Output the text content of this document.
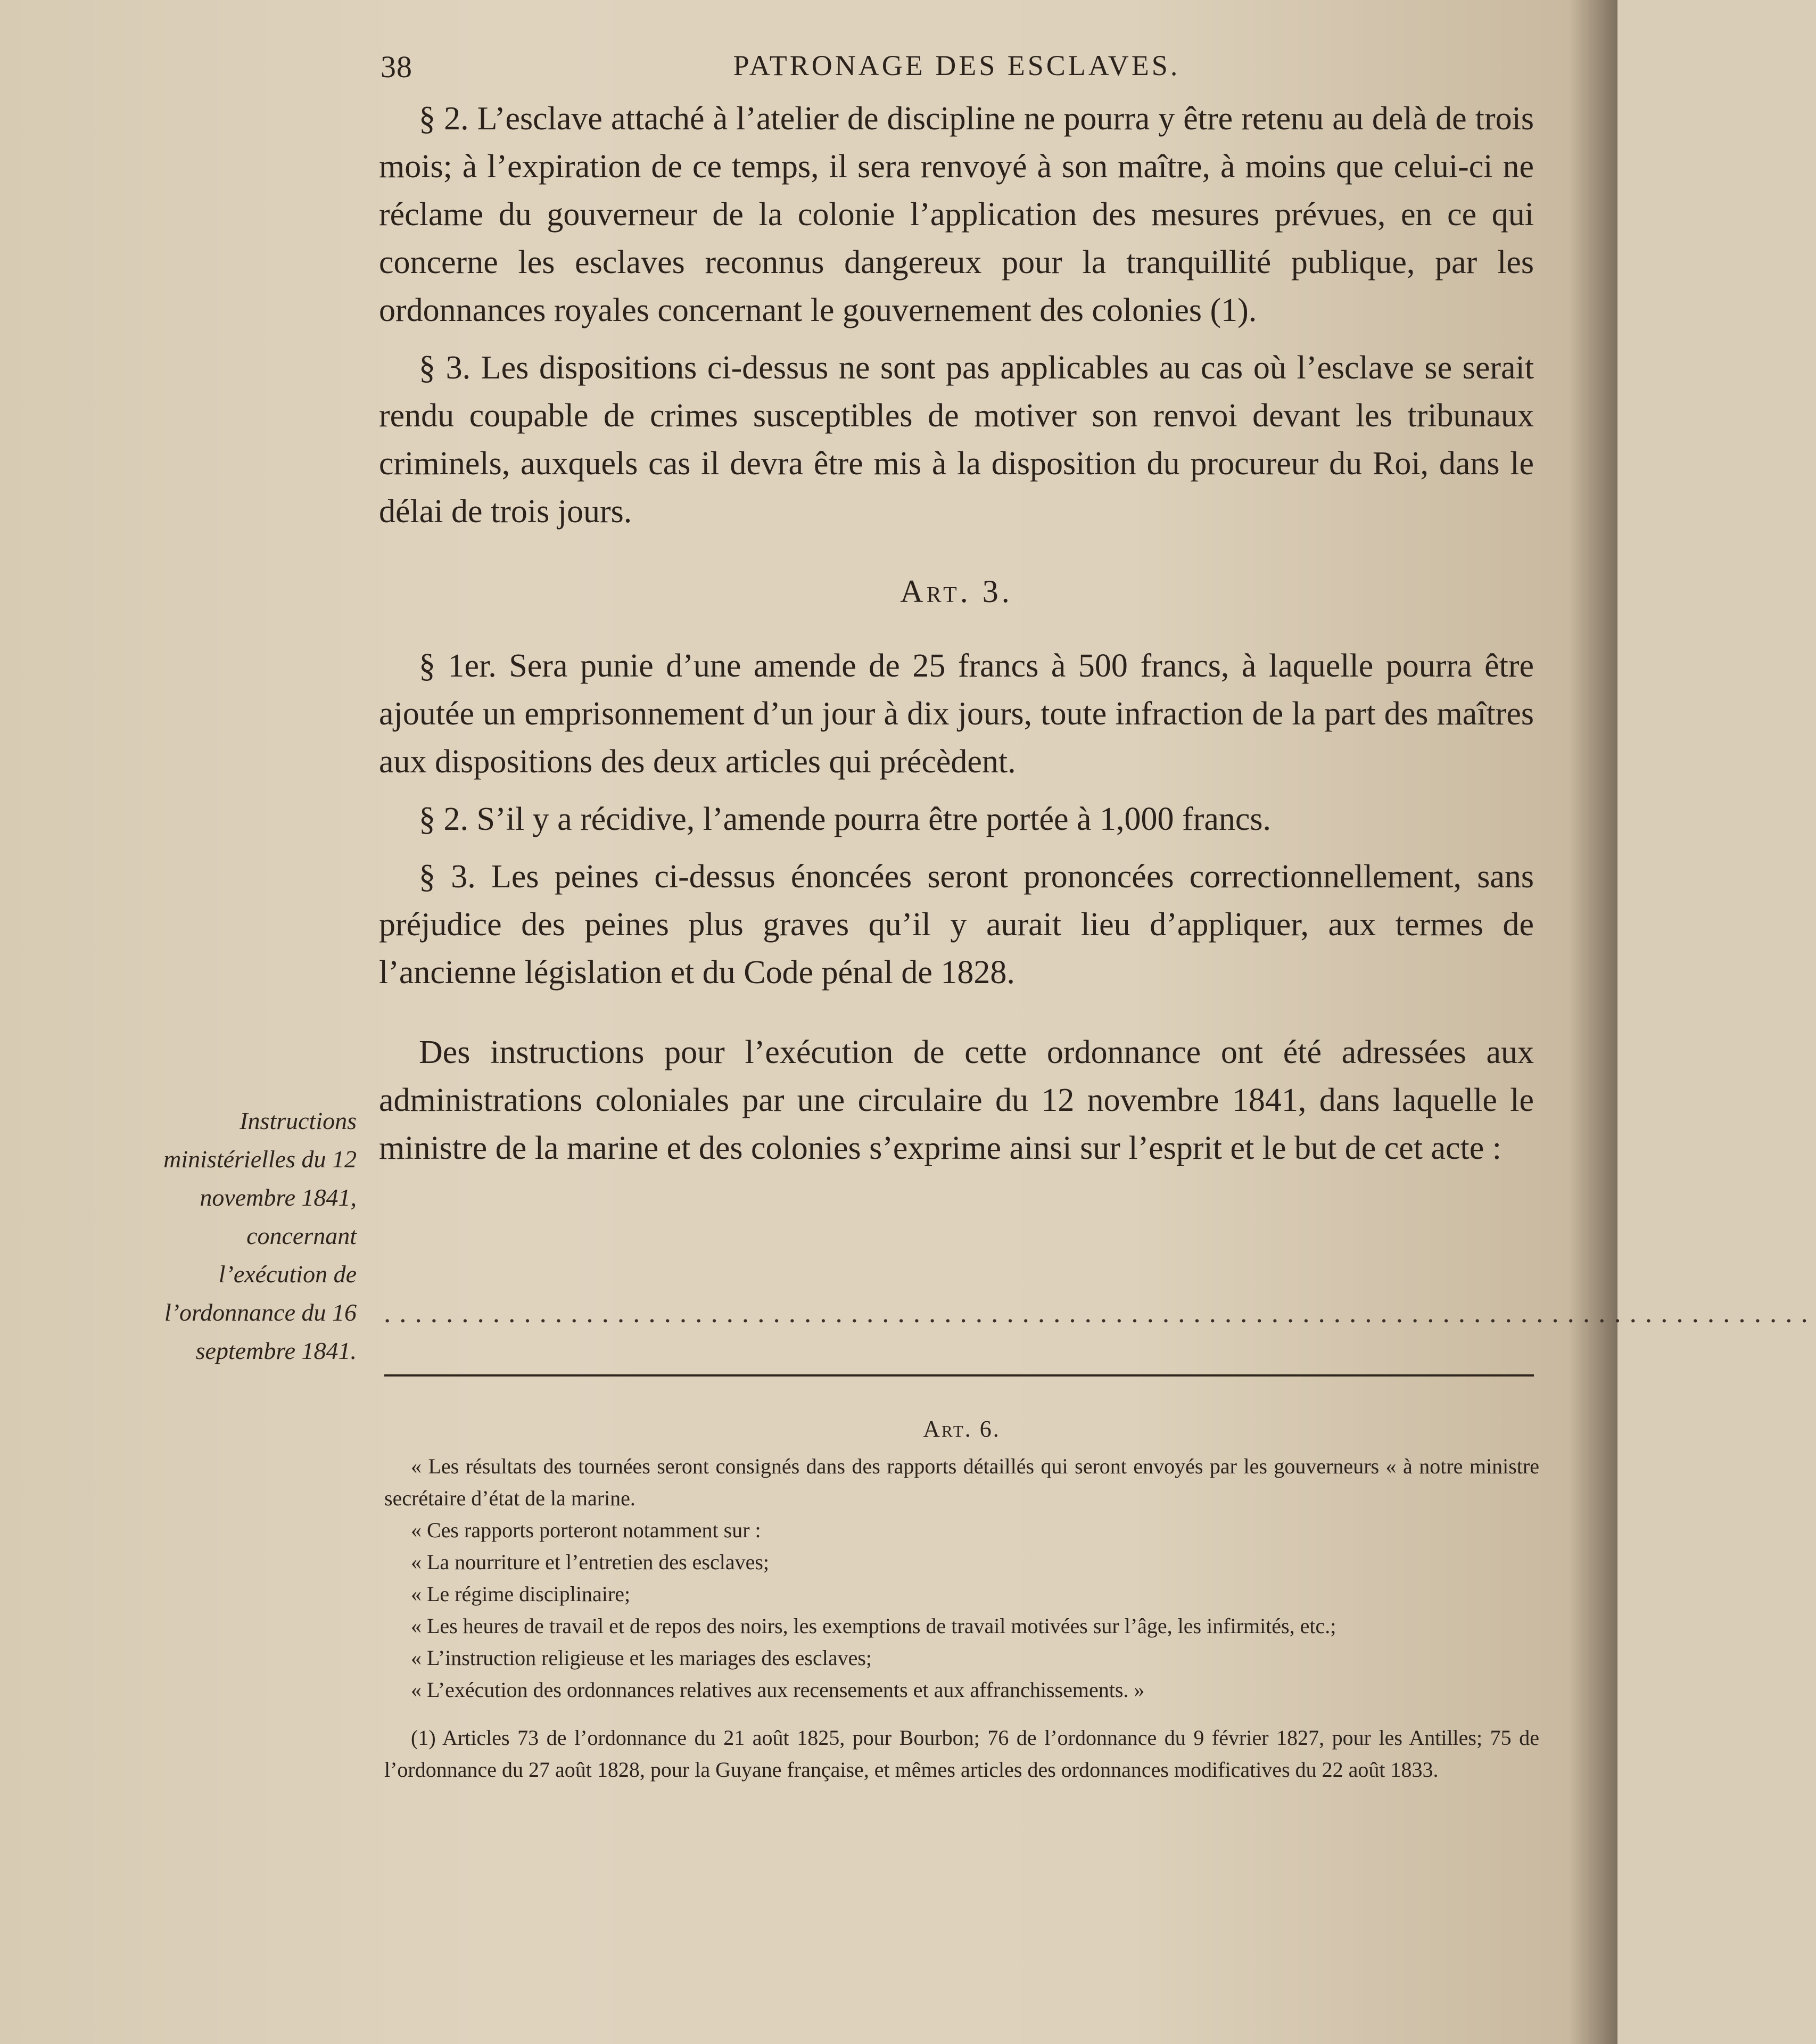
38	PATRONAGE DES ESCLAVES.

§ 2. L’esclave attaché à l’atelier de discipline ne pourra y être retenu au delà de trois mois; à l’expiration de ce temps, il sera renvoyé à son maître, à moins que celui-ci ne réclame du gouverneur de la colonie l’application des mesures prévues, en ce qui concerne les esclaves reconnus dangereux pour la tranquillité publique, par les ordonnances royales concernant le gouvernement des colonies (1).

§ 3. Les dispositions ci-dessus ne sont pas applicables au cas où l’esclave se serait rendu coupable de crimes susceptibles de motiver son renvoi devant les tribunaux criminels, auxquels cas il devra être mis à la disposition du procureur du Roi, dans le délai de trois jours.

Art. 3.

§ 1er. Sera punie d’une amende de 25 francs à 500 francs, à laquelle pourra être ajoutée un emprisonnement d’un jour à dix jours, toute infraction de la part des maîtres aux dispositions des deux articles qui précèdent.

§ 2. S’il y a récidive, l’amende pourra être portée à 1,000 francs.

§ 3. Les peines ci-dessus énoncées seront prononcées correctionnellement, sans préjudice des peines plus graves qu’il y aurait lieu d’appliquer, aux termes de l’ancienne législation et du Code pénal de 1828.

Des instructions pour l’exécution de cette ordonnance ont été adressées aux administrations coloniales par une circulaire du 12 novembre 1841, dans laquelle le ministre de la marine et des colonies s’exprime ainsi sur l’esprit et le but de cet acte :

Instructions ministérielles du 12 novembre 1841, concernant l’exécution de l’ordonnance du 16 septembre 1841.
............................................................................................
Art. 6.

« Les résultats des tournées seront consignés dans des rapports détaillés qui seront envoyés par les gouverneurs « à notre ministre secrétaire d’état de la marine.

« Ces rapports porteront notamment sur :

« La nourriture et l’entretien des esclaves;

« Le régime disciplinaire;

« Les heures de travail et de repos des noirs, les exemptions de travail motivées sur l’âge, les infirmités, etc.;

« L’instruction religieuse et les mariages des esclaves;

« L’exécution des ordonnances relatives aux recensements et aux affranchissements. »

(1) Articles 73 de l’ordonnance du 21 août 1825, pour Bourbon; 76 de l’ordonnance du 9 février 1827, pour les Antilles; 75 de l’ordonnance du 27 août 1828, pour la Guyane française, et mêmes articles des ordonnances modificatives du 22 août 1833.
